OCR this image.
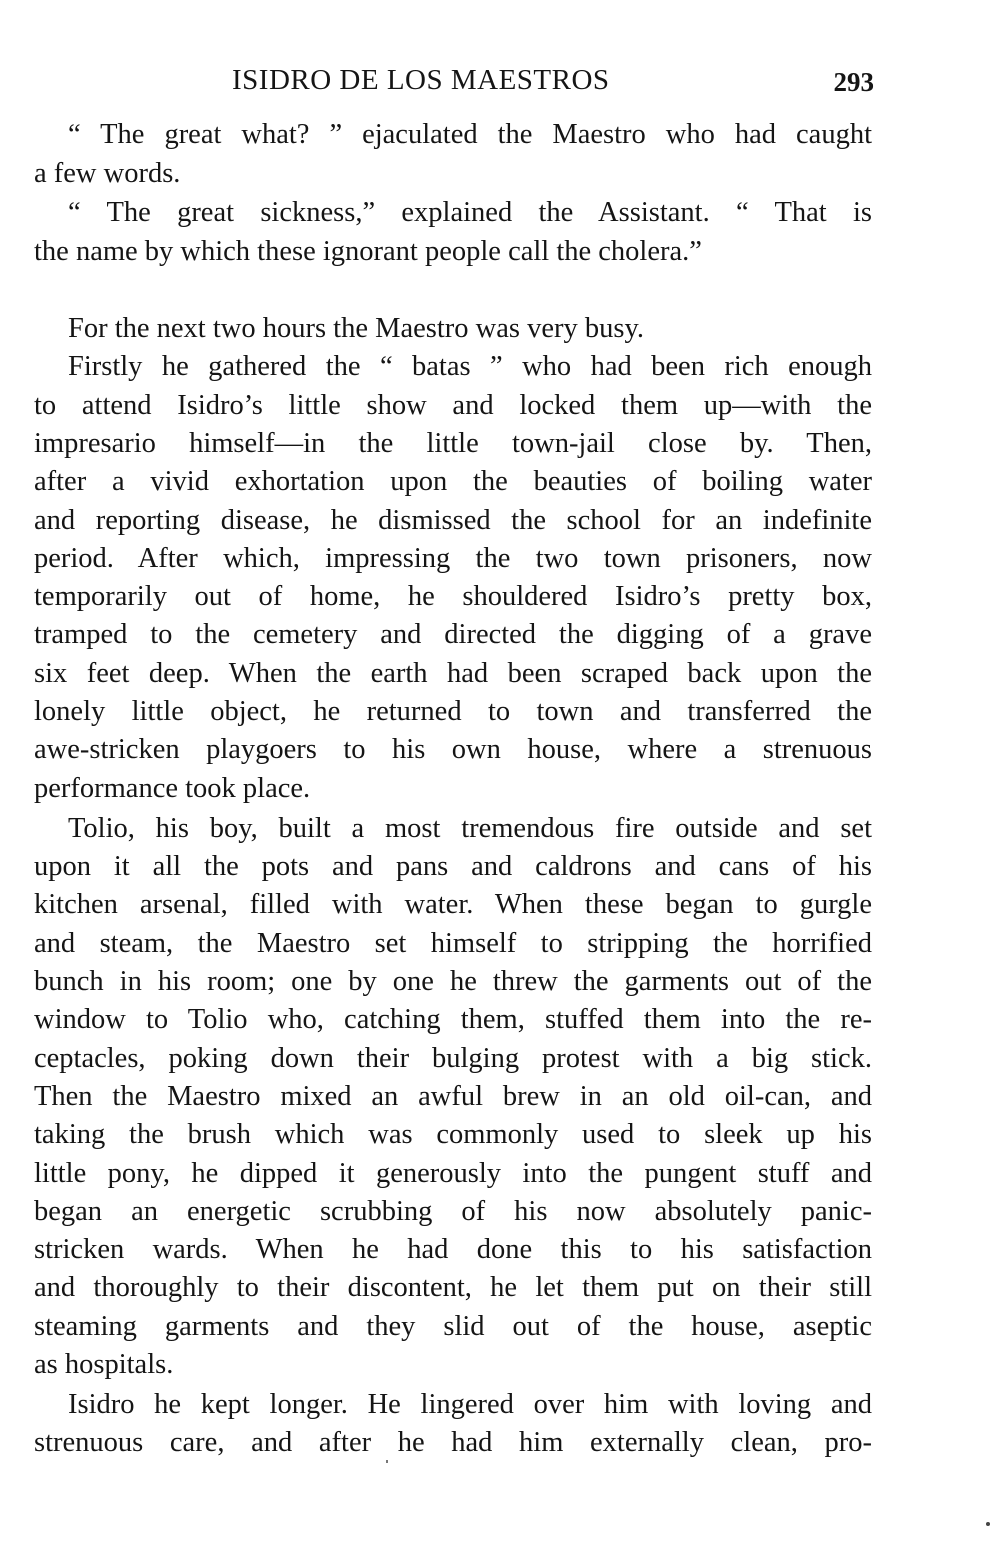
ISIDRO DE LOS MAESTROS	293
“ The great what? ” ejaculated the Maestro who had caught
a few words.
“ The great sickness,” explained the Assistant. “ That is
the name by which these ignorant people call the cholera.”
For the next two hours the Maestro was very busy.
Firstly he gathered the “ batas ” who had been rich enough
to attend Isidro’s little show and locked them up—with the
impresario himself—in the little town-jail close by. Then,
after a vivid exhortation upon the beauties of boiling water
and reporting disease, he dismissed the school for an indefinite
period. After which, impressing the two town prisoners, now
temporarily out of home, he shouldered Isidro’s pretty box,
tramped to the cemetery and directed the digging of a grave
six feet deep. When the earth had been scraped back upon the
lonely little object, he returned to town and transferred the
awe-stricken playgoers to his own house, where a strenuous
performance took place.
Tolio, his boy, built a most tremendous fire outside and set
upon it all the pots and pans and caldrons and cans of his
kitchen arsenal, filled with water. When these began to gurgle
and steam, the Maestro set himself to stripping the horrified
bunch in his room; one by one he threw the garments out of the
window to Tolio who, catching them, stuffed them into the re-
ceptacles, poking down their bulging protest with a big stick.
Then the Maestro mixed an awful brew in an old oil-can, and
taking the brush which was commonly used to sleek up his
little pony, he dipped it generously into the pungent stuff and
began an energetic scrubbing of his now absolutely panic-
stricken wards. When he had done this to his satisfaction
and thoroughly to their discontent, he let them put on their still
steaming garments and they slid out of the house, aseptic
as hospitals.
Isidro he kept longer. He lingered over him with loving and
strenuous care, and after he had him externally clean, pro-
